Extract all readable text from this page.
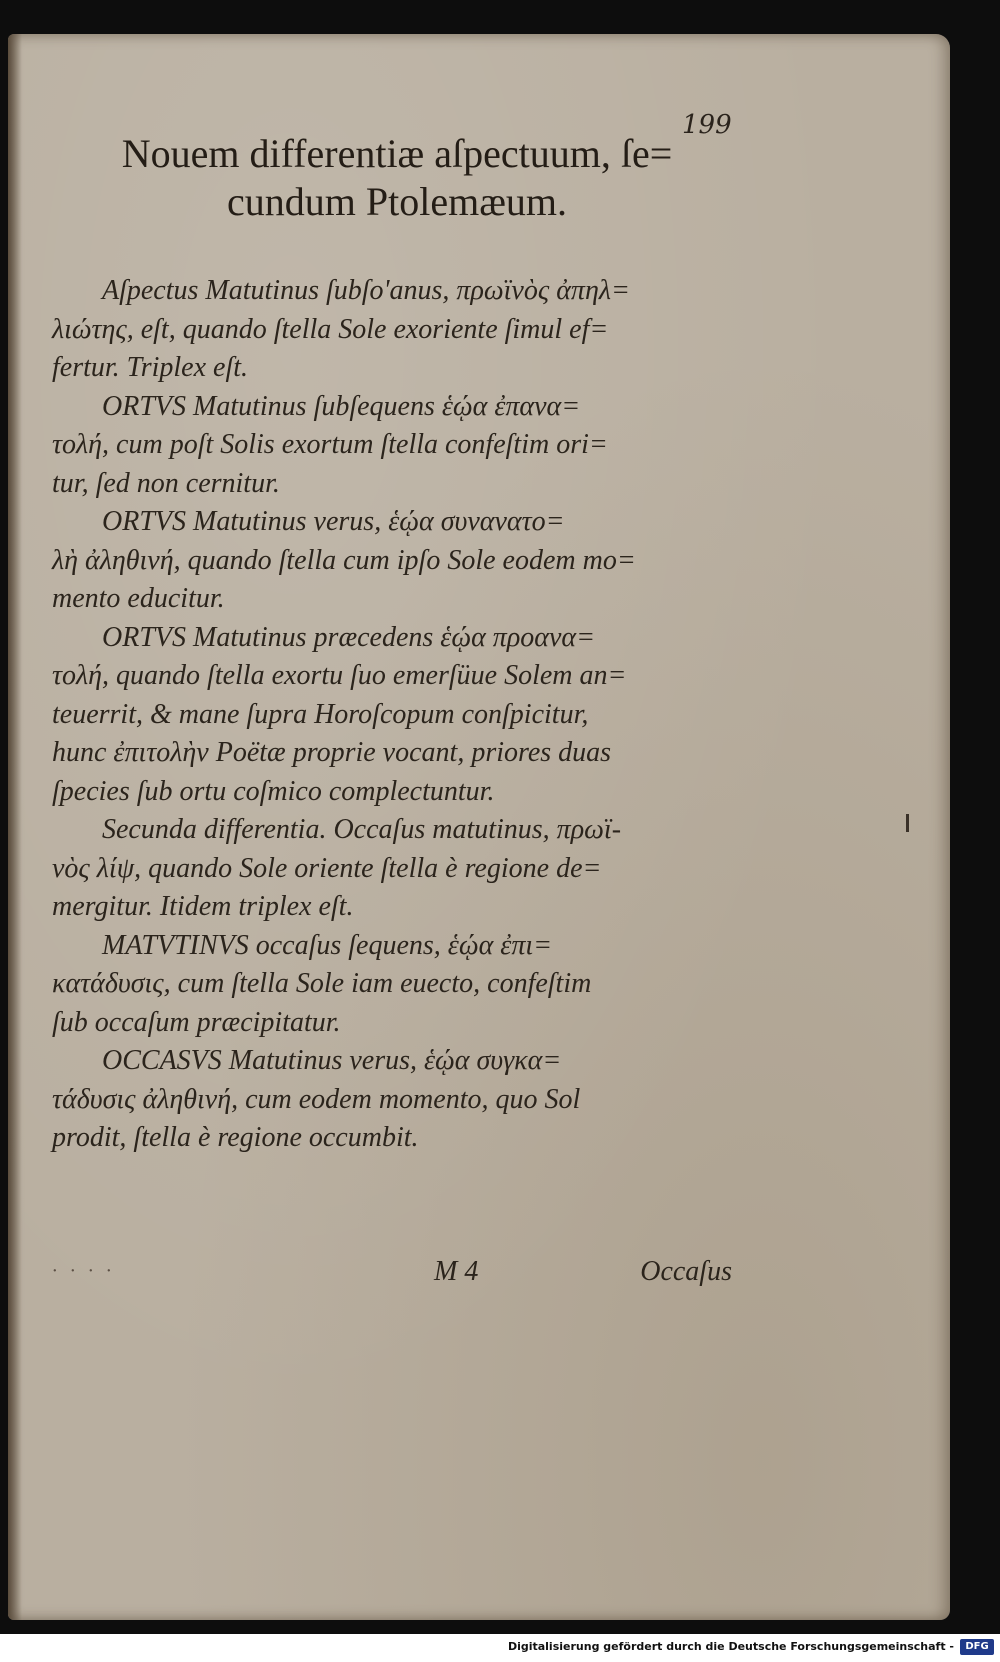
199
Nouem differentiæ aſpectuum, ſe=
cundum Ptolemæum.
Aſpectus Matutinus ſubſo'anus, πρωϊνὸς ἀπηλ=
λιώτης, eſt, quando ſtella Sole exoriente ſimul ef=
fertur. Triplex eſt.
ORTVS Matutinus ſubſequens ἑῴα ἐπανα=
τολή, cum poſt Solis exortum ſtella confeſtim ori=
tur, ſed non cernitur.
ORTVS Matutinus verus, ἑῴα συνανατο=
λὴ ἀληθινή, quando ſtella cum ipſo Sole eodem mo=
mento educitur.
ORTVS Matutinus præcedens ἑῴα προανα=
τολή, quando ſtella exortu ſuo emerſüue Solem an=
teuerrit, & mane ſupra Horoſcopum conſpicitur,
hunc ἐπιτολὴν Poëtæ proprie vocant, priores duas
ſpecies ſub ortu coſmico complectuntur.
Secunda differentia. Occaſus matutinus, πρωϊ-
νὸς λίψ, quando Sole oriente ſtella è regione de=
mergitur. Itidem triplex eſt.
MATVTINVS occaſus ſequens, ἑῴα ἐπι=
κατάδυσις, cum ſtella Sole iam euecto, confeſtim
ſub occaſum præcipitatur.
OCCASVS Matutinus verus, ἑῴα συγκα=
τάδυσις ἀληθινή, cum eodem momento, quo Sol
prodit, ſtella è regione occumbit.
· · · ·	M 4	Occaſus
Digitalisierung gefördert durch die Deutsche Forschungsgemeinschaft -	DFG
